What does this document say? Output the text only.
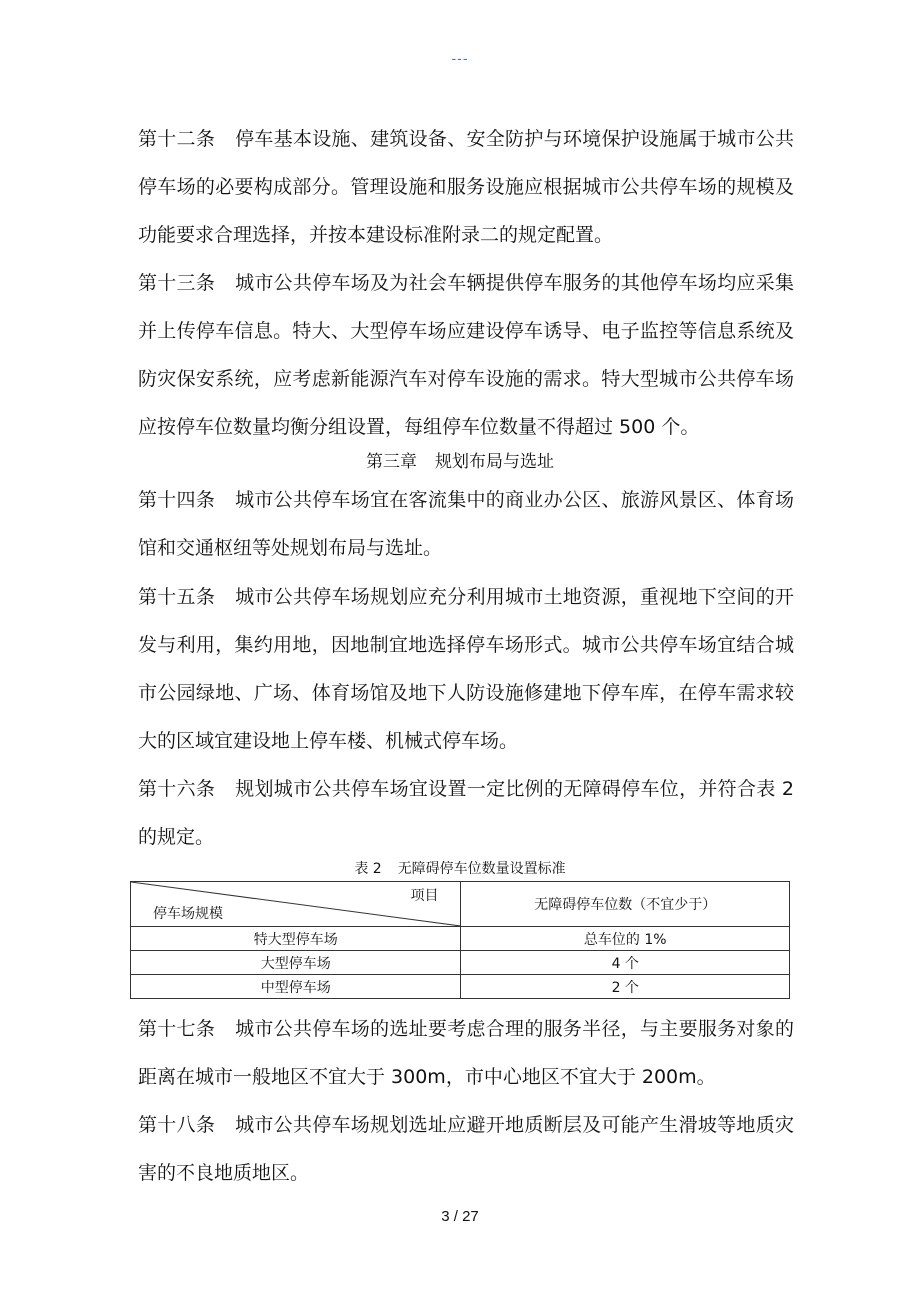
---

第十二条 停车基本设施、建筑设备、安全防护与环境保护设施属于城市公共停车场的必要构成部分。管理设施和服务设施应根据城市公共停车场的规模及功能要求合理选择，并按本建设标准附录二的规定配置。

第十三条 城市公共停车场及为社会车辆提供停车服务的其他停车场均应采集并上传停车信息。特大、大型停车场应建设停车诱导、电子监控等信息系统及防灾保安系统，应考虑新能源汽车对停车设施的需求。特大型城市公共停车场应按停车位数量均衡分组设置，每组停车位数量不得超过 500 个。

第三章 规划布局与选址

第十四条 城市公共停车场宜在客流集中的商业办公区、旅游风景区、体育场馆和交通枢纽等处规划布局与选址。

第十五条 城市公共停车场规划应充分利用城市土地资源，重视地下空间的开发与利用，集约用地，因地制宜地选择停车场形式。城市公共停车场宜结合城市公园绿地、广场、体育场馆及地下人防设施修建地下停车库，在停车需求较大的区域宜建设地上停车楼、机械式停车场。

第十六条 规划城市公共停车场宜设置一定比例的无障碍停车位，并符合表 2 的规定。

表 2 无障碍停车位数量设置标准
项目
停车场规模	无障碍停车位数（不宜少于）
特大型停车场	总车位的 1%
大型停车场	4 个
中型停车场	2 个

第十七条 城市公共停车场的选址要考虑合理的服务半径，与主要服务对象的距离在城市一般地区不宜大于 300m，市中心地区不宜大于 200m。

第十八条 城市公共停车场规划选址应避开地质断层及可能产生滑坡等地质灾害的不良地质地区。

3 / 27
